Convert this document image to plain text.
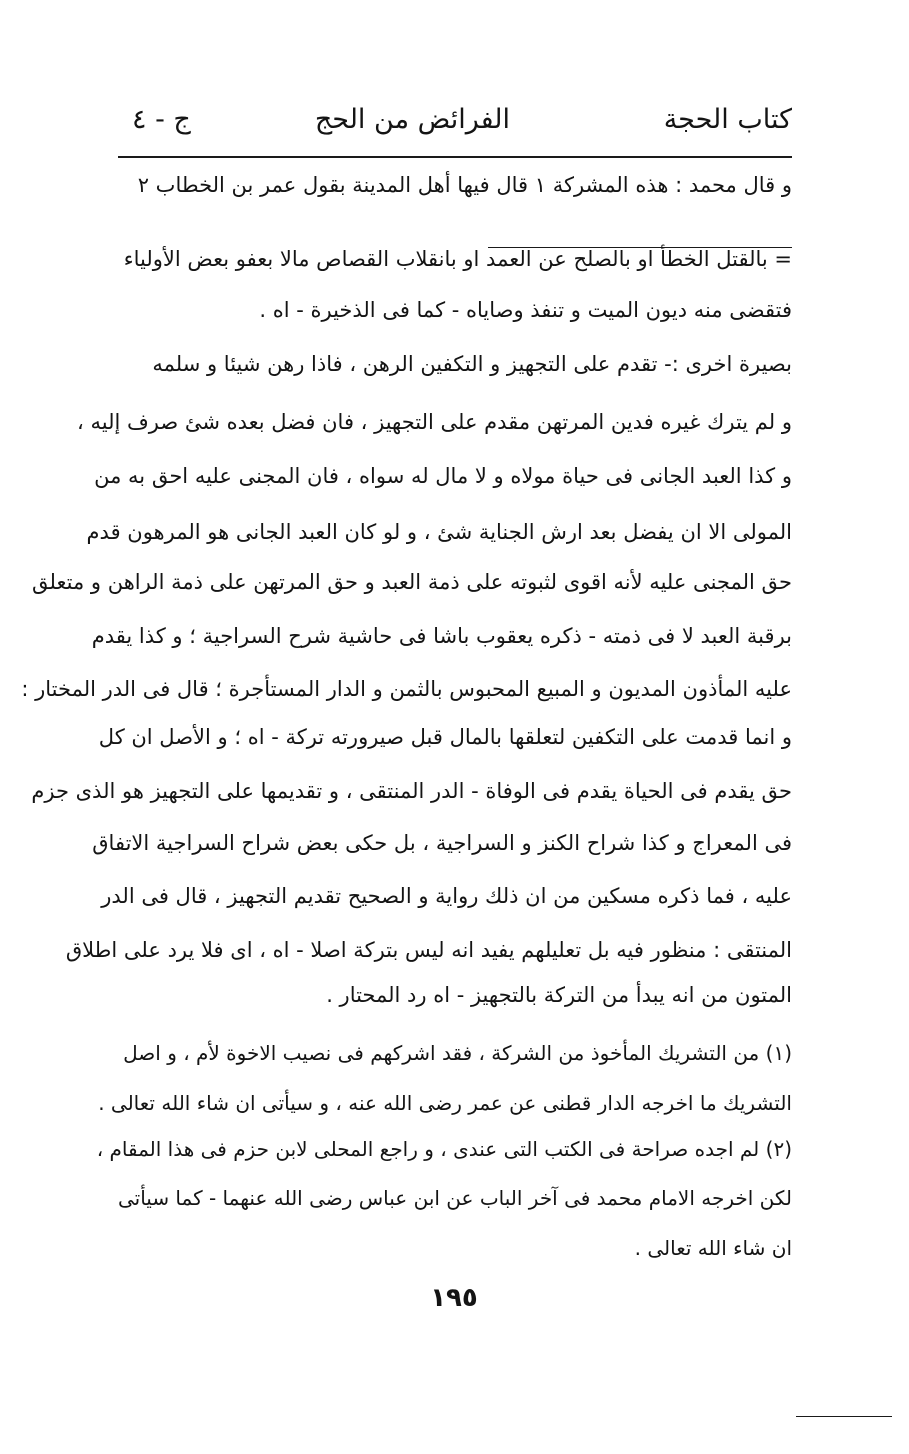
كتاب الحجة
الفرائض من الحج
ج - ٤
و قال محمد : هذه المشركة ١ قال فيها أهل المدينة بقول عمر بن الخطاب ٢
= بالقتل الخطأ او بالصلح عن العمد او بانقلاب القصاص مالا بعفو بعض الأولياء
فتقضى منه ديون الميت و تنفذ وصاياه - كما فى الذخيرة - اه .
بصيرة اخرى :- تقدم على التجهيز و التكفين الرهن ، فاذا رهن شيئا و سلمه
و لم يترك غيره فدين المرتهن مقدم على التجهيز ، فان فضل بعده شئ صرف إليه ،
و كذا العبد الجانى فى حياة مولاه و لا مال له سواه ، فان المجنى عليه احق به من
المولى الا ان يفضل بعد ارش الجناية شئ ، و لو كان العبد الجانى هو المرهون قدم
حق المجنى عليه لأنه اقوى لثبوته على ذمة العبد و حق المرتهن على ذمة الراهن و متعلق
برقبة العبد لا فى ذمته - ذكره يعقوب باشا فى حاشية شرح السراجية ؛ و كذا يقدم
عليه المأذون المديون و المبيع المحبوس بالثمن و الدار المستأجرة ؛ قال فى الدر المختار :
و انما قدمت على التكفين لتعلقها بالمال قبل صيرورته تركة - اه ؛ و الأصل ان كل
حق يقدم فى الحياة يقدم فى الوفاة - الدر المنتقى ، و تقديمها على التجهيز هو الذى جزم
فى المعراج و كذا شراح الكنز و السراجية ، بل حكى بعض شراح السراجية الاتفاق
عليه ، فما ذكره مسكين من ان ذلك رواية و الصحيح تقديم التجهيز ، قال فى الدر
المنتقى : منظور فيه بل تعليلهم يفيد انه ليس بتركة اصلا - اه ، اى فلا يرد على اطلاق
المتون من انه يبدأ من التركة بالتجهيز - اه رد المحتار .
(١) من التشريك المأخوذ من الشركة ، فقد اشركهم فى نصيب الاخوة لأم ، و اصل
التشريك ما اخرجه الدار قطنى عن عمر رضى الله عنه ، و سيأتى ان شاء الله تعالى .
(٢) لم اجده صراحة فى الكتب التى عندى ، و راجع المحلى لابن حزم فى هذا المقام ،
لكن اخرجه الامام محمد فى آخر الباب عن ابن عباس رضى الله عنهما - كما سيأتى
ان شاء الله تعالى .
١٩٥
